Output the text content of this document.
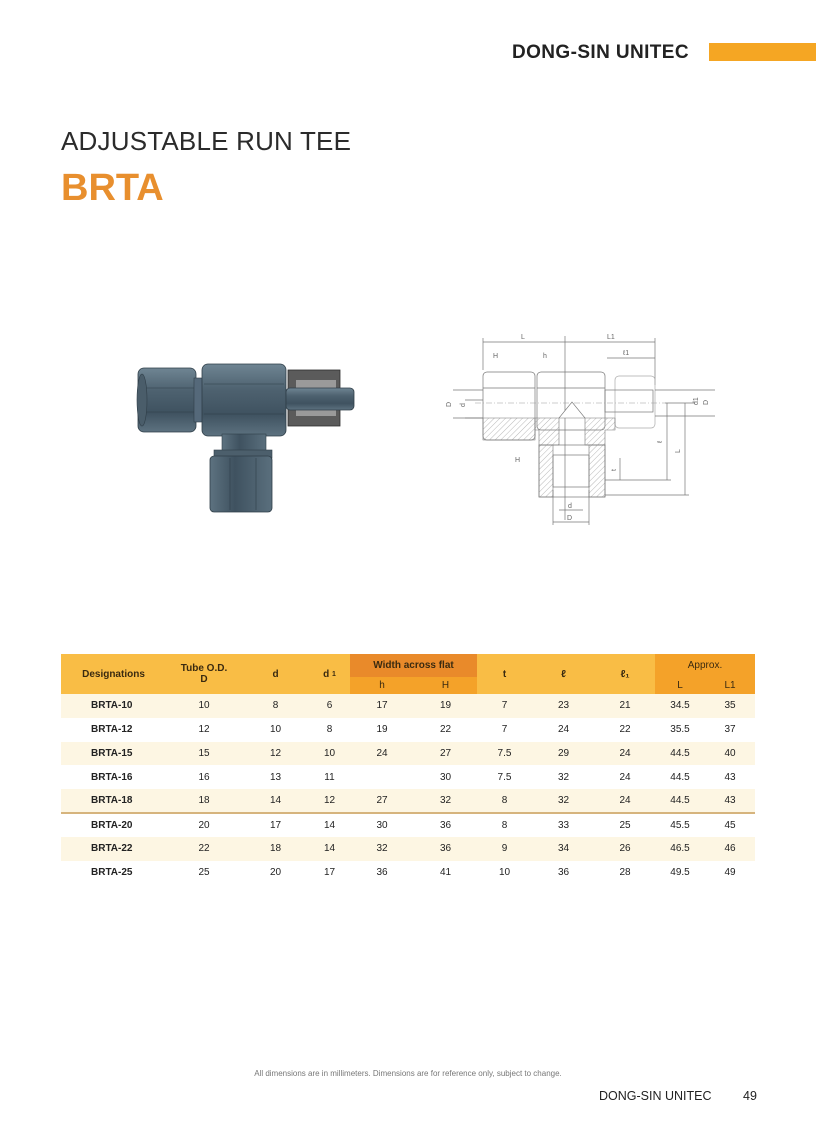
DONG-SIN UNITEC
ADJUSTABLE RUN TEE
BRTA
L	L1
ℓ1
H	h
D d
d1 D
ℓ
L
t
H
d
D
Designations	Tube O.D.
D	d	d 1	Width across flat		t	ℓ	ℓ₁	Approx.	
				h	H				L	L1
BRTA-10	10	8	6	17	19	7	23	21	34.5	35
BRTA-12	12	10	8	19	22	7	24	22	35.5	37
BRTA-15	15	12	10	24	27	7.5	29	24	44.5	40
BRTA-16	16	13	11		30	7.5	32	24	44.5	43
BRTA-18	18	14	12	27	32	8	32	24	44.5	43
BRTA-20	20	17	14	30	36	8	33	25	45.5	45
BRTA-22	22	18	14	32	36	9	34	26	46.5	46
BRTA-25	25	20	17	36	41	10	36	28	49.5	49
All dimensions are in millimeters. Dimensions are for reference only, subject to change.
DONG-SIN UNITEC	49
